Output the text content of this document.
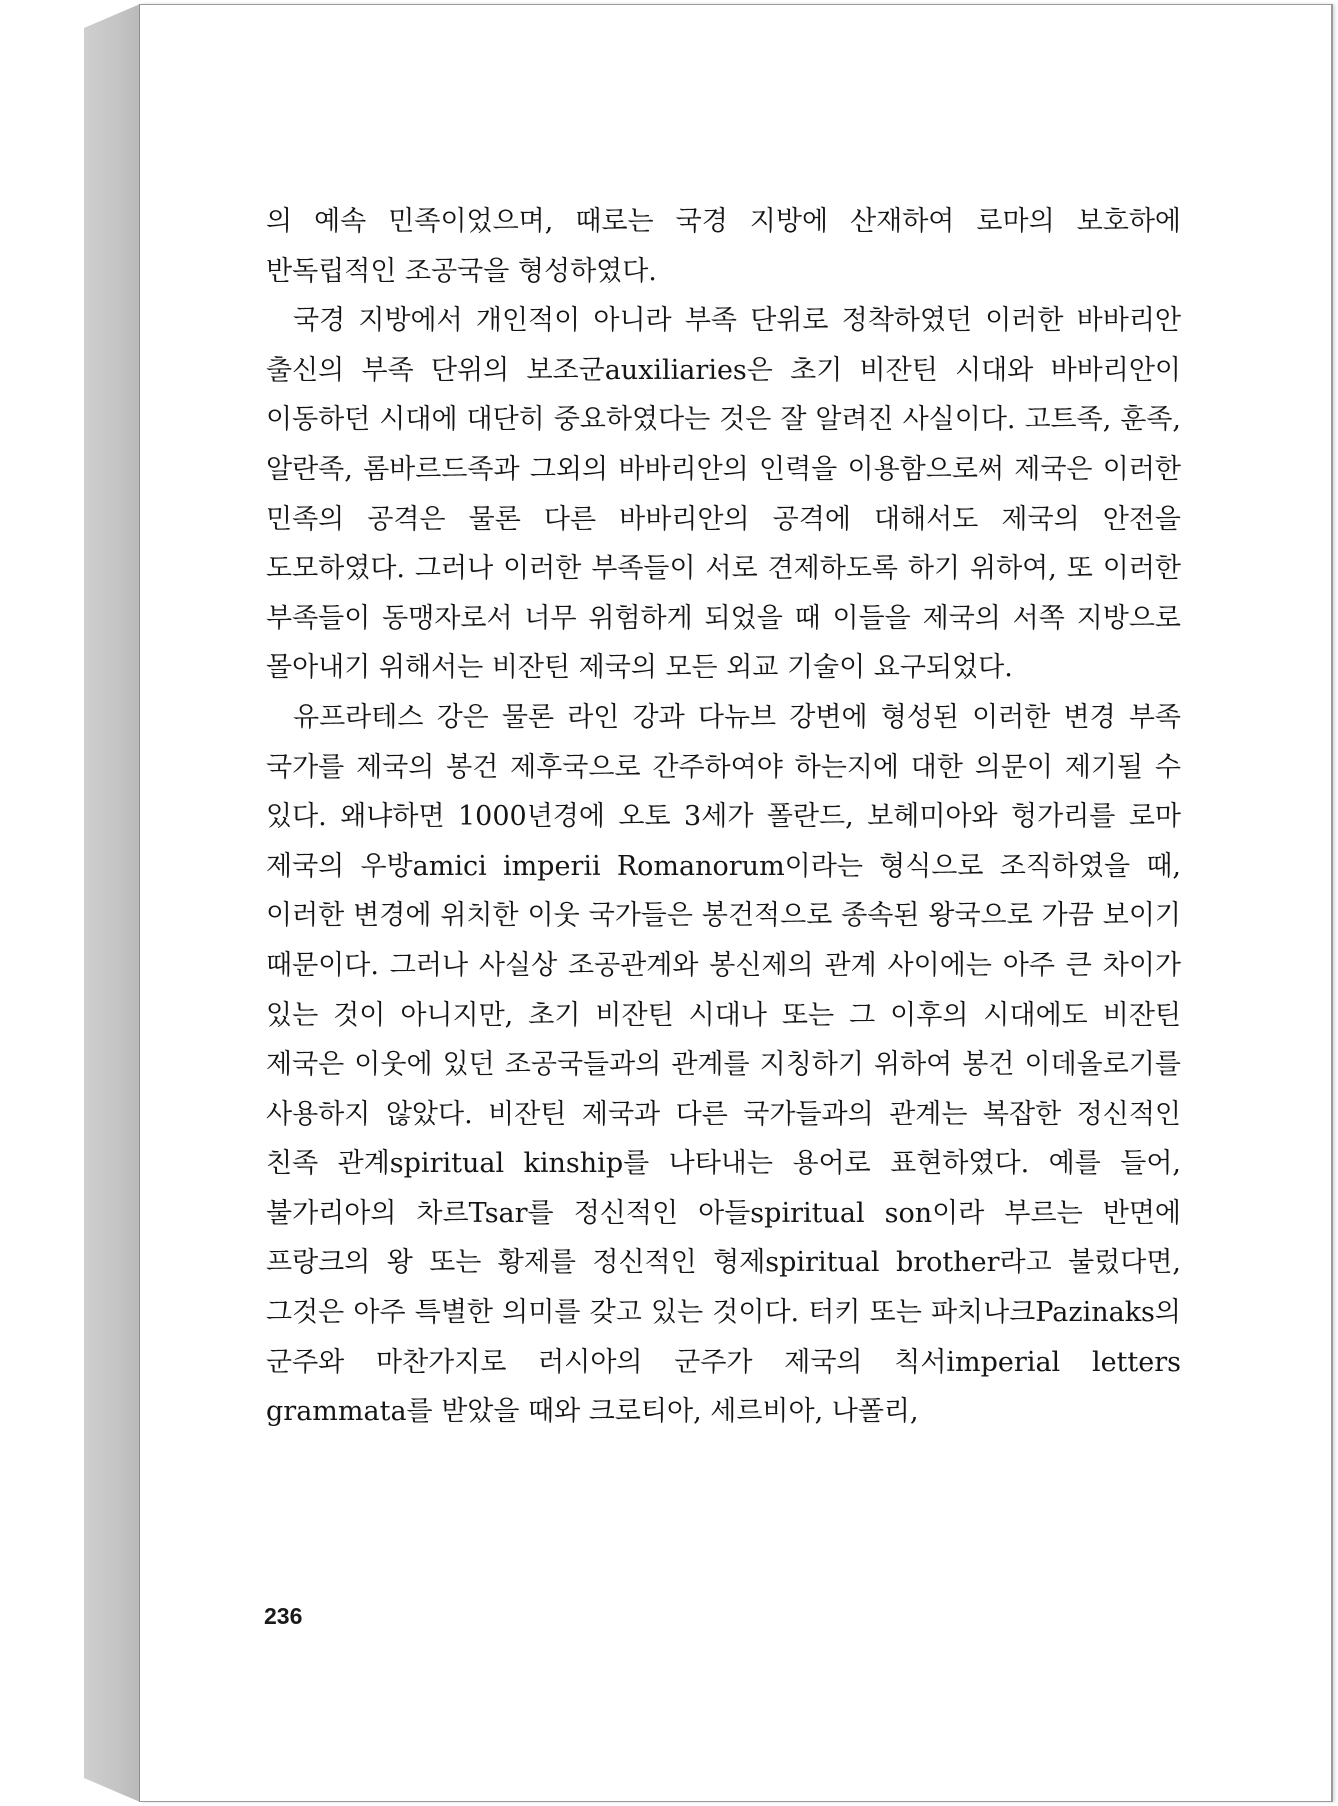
의 예속 민족이었으며, 때로는 국경 지방에 산재하여 로마의 보호하에 반독립적인 조공국을 형성하였다.

국경 지방에서 개인적이 아니라 부족 단위로 정착하였던 이러한 바바리안 출신의 부족 단위의 보조군auxiliaries은 초기 비잔틴 시대와 바바리안이 이동하던 시대에 대단히 중요하였다는 것은 잘 알려진 사실이다. 고트족, 훈족, 알란족, 롬바르드족과 그외의 바바리안의 인력을 이용함으로써 제국은 이러한 민족의 공격은 물론 다른 바바리안의 공격에 대해서도 제국의 안전을 도모하였다. 그러나 이러한 부족들이 서로 견제하도록 하기 위하여, 또 이러한 부족들이 동맹자로서 너무 위험하게 되었을 때 이들을 제국의 서쪽 지방으로 몰아내기 위해서는 비잔틴 제국의 모든 외교 기술이 요구되었다.

유프라테스 강은 물론 라인 강과 다뉴브 강변에 형성된 이러한 변경 부족 국가를 제국의 봉건 제후국으로 간주하여야 하는지에 대한 의문이 제기될 수 있다. 왜냐하면 1000년경에 오토 3세가 폴란드, 보헤미아와 헝가리를 로마 제국의 우방amici imperii Romanorum이라는 형식으로 조직하였을 때, 이러한 변경에 위치한 이웃 국가들은 봉건적으로 종속된 왕국으로 가끔 보이기 때문이다. 그러나 사실상 조공관계와 봉신제의 관계 사이에는 아주 큰 차이가 있는 것이 아니지만, 초기 비잔틴 시대나 또는 그 이후의 시대에도 비잔틴 제국은 이웃에 있던 조공국들과의 관계를 지칭하기 위하여 봉건 이데올로기를 사용하지 않았다. 비잔틴 제국과 다른 국가들과의 관계는 복잡한 정신적인 친족 관계spiritual kinship를 나타내는 용어로 표현하였다. 예를 들어, 불가리아의 차르Tsar를 정신적인 아들spiritual son이라 부르는 반면에 프랑크의 왕 또는 황제를 정신적인 형제spiritual brother라고 불렀다면, 그것은 아주 특별한 의미를 갖고 있는 것이다. 터키 또는 파치나크Pazinaks의 군주와 마찬가지로 러시아의 군주가 제국의 칙서imperial letters grammata를 받았을 때와 크로티아, 세르비아, 나폴리,

236
